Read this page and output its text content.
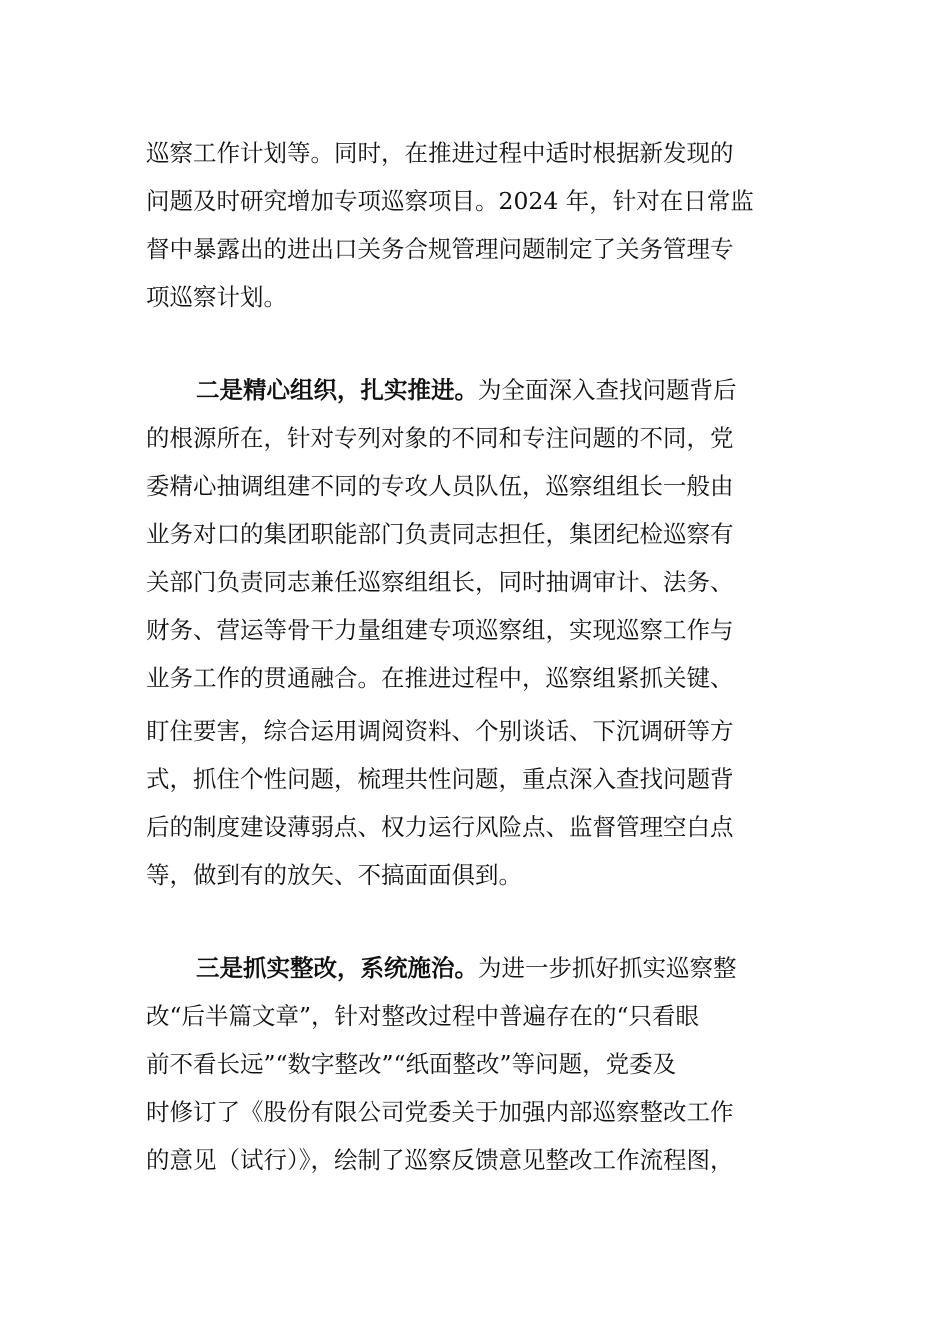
巡察工作计划等。同时，在推进过程中适时根据新发现的
问题及时研究增加专项巡察项目。2024 年，针对在日常监
督中暴露出的进出口关务合规管理问题制定了关务管理专
项巡察计划。
二是精心组织，扎实推进。为全面深入查找问题背后
的根源所在，针对专列对象的不同和专注问题的不同，党
委精心抽调组建不同的专攻人员队伍，巡察组组长一般由
业务对口的集团职能部门负责同志担任，集团纪检巡察有
关部门负责同志兼任巡察组组长，同时抽调审计、法务、
财务、营运等骨干力量组建专项巡察组，实现巡察工作与
业务工作的贯通融合。在推进过程中，巡察组紧抓关键、
盯住要害，综合运用调阅资料、个别谈话、下沉调研等方
式，抓住个性问题，梳理共性问题，重点深入查找问题背
后的制度建设薄弱点、权力运行风险点、监督管理空白点
等，做到有的放矢、不搞面面俱到。
三是抓实整改，系统施治。为进一步抓好抓实巡察整
改“后半篇文章”，针对整改过程中普遍存在的“只看眼
前不看长远”“数字整改”“纸面整改”等问题，党委及
时修订了《股份有限公司党委关于加强内部巡察整改工作
的意见（试行）》，绘制了巡察反馈意见整改工作流程图，
